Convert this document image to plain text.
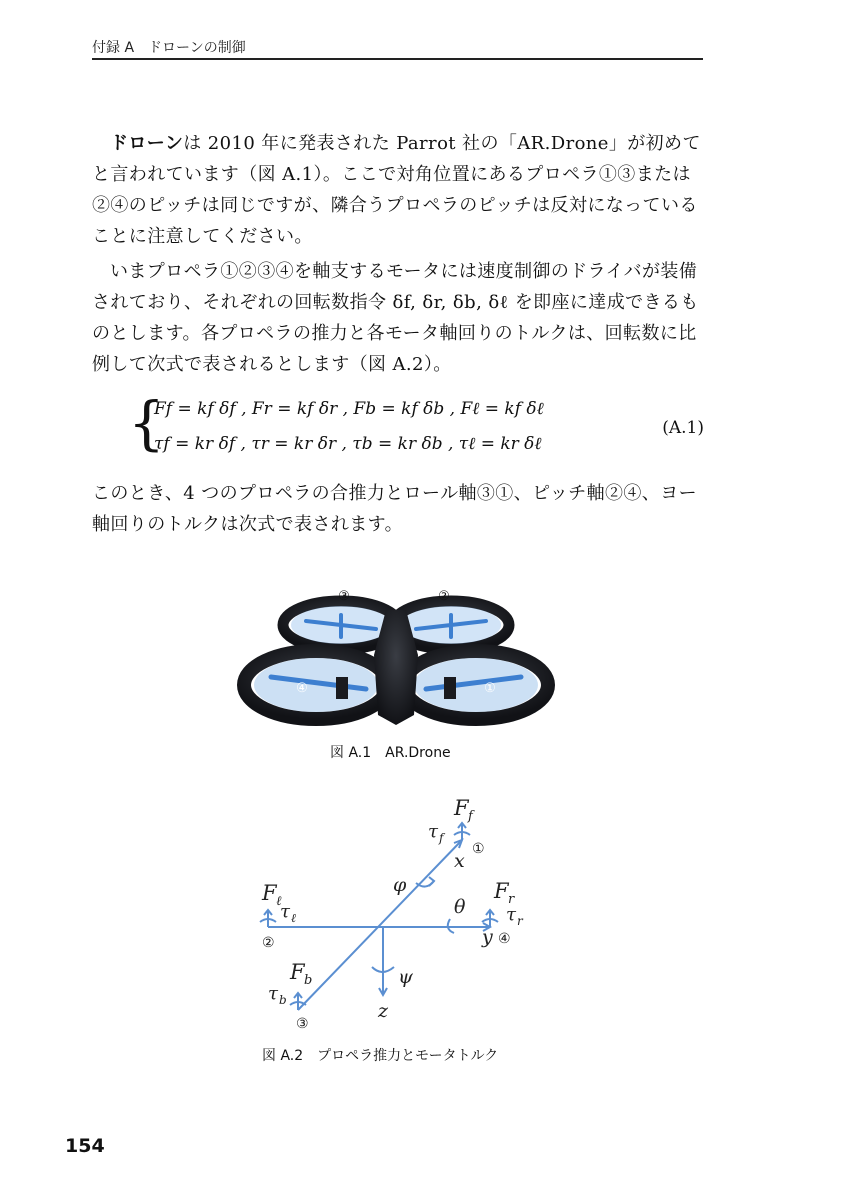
付録 A　ドローンの制御
ドローンは 2010 年に発表された Parrot 社の「AR.Drone」が初めてと言われています（図 A.1）。ここで対角位置にあるプロペラ①③または②④のピッチは同じですが、隣合うプロペラのピッチは反対になっていることに注意してください。
いまプロペラ①②③④を軸支するモータには速度制御のドライバが装備されており、それぞれの回転数指令 δf, δr, δb, δℓ を即座に達成できるものとします。各プロペラの推力と各モータ軸回りのトルクは、回転数に比例して次式で表されるとします（図 A.2）。
{
Ff = kf δf , Fr = kf δr , Fb = kf δb , Fℓ = kf δℓ
τf = kr δf , τr = kr δr , τb = kr δb , τℓ = kr δℓ
(A.1)
このとき、4 つのプロペラの合推力とロール軸③①、ピッチ軸②④、ヨー軸回りのトルクは次式で表されます。
③	②
④	①
図 A.1　AR.Drone
F f
τ f
①
x
φ
F ℓ
τ ℓ
②
θ
F r
τ r
y ④
F b
τ b
③
ψ
z
図 A.2　プロペラ推力とモータトルク
154
